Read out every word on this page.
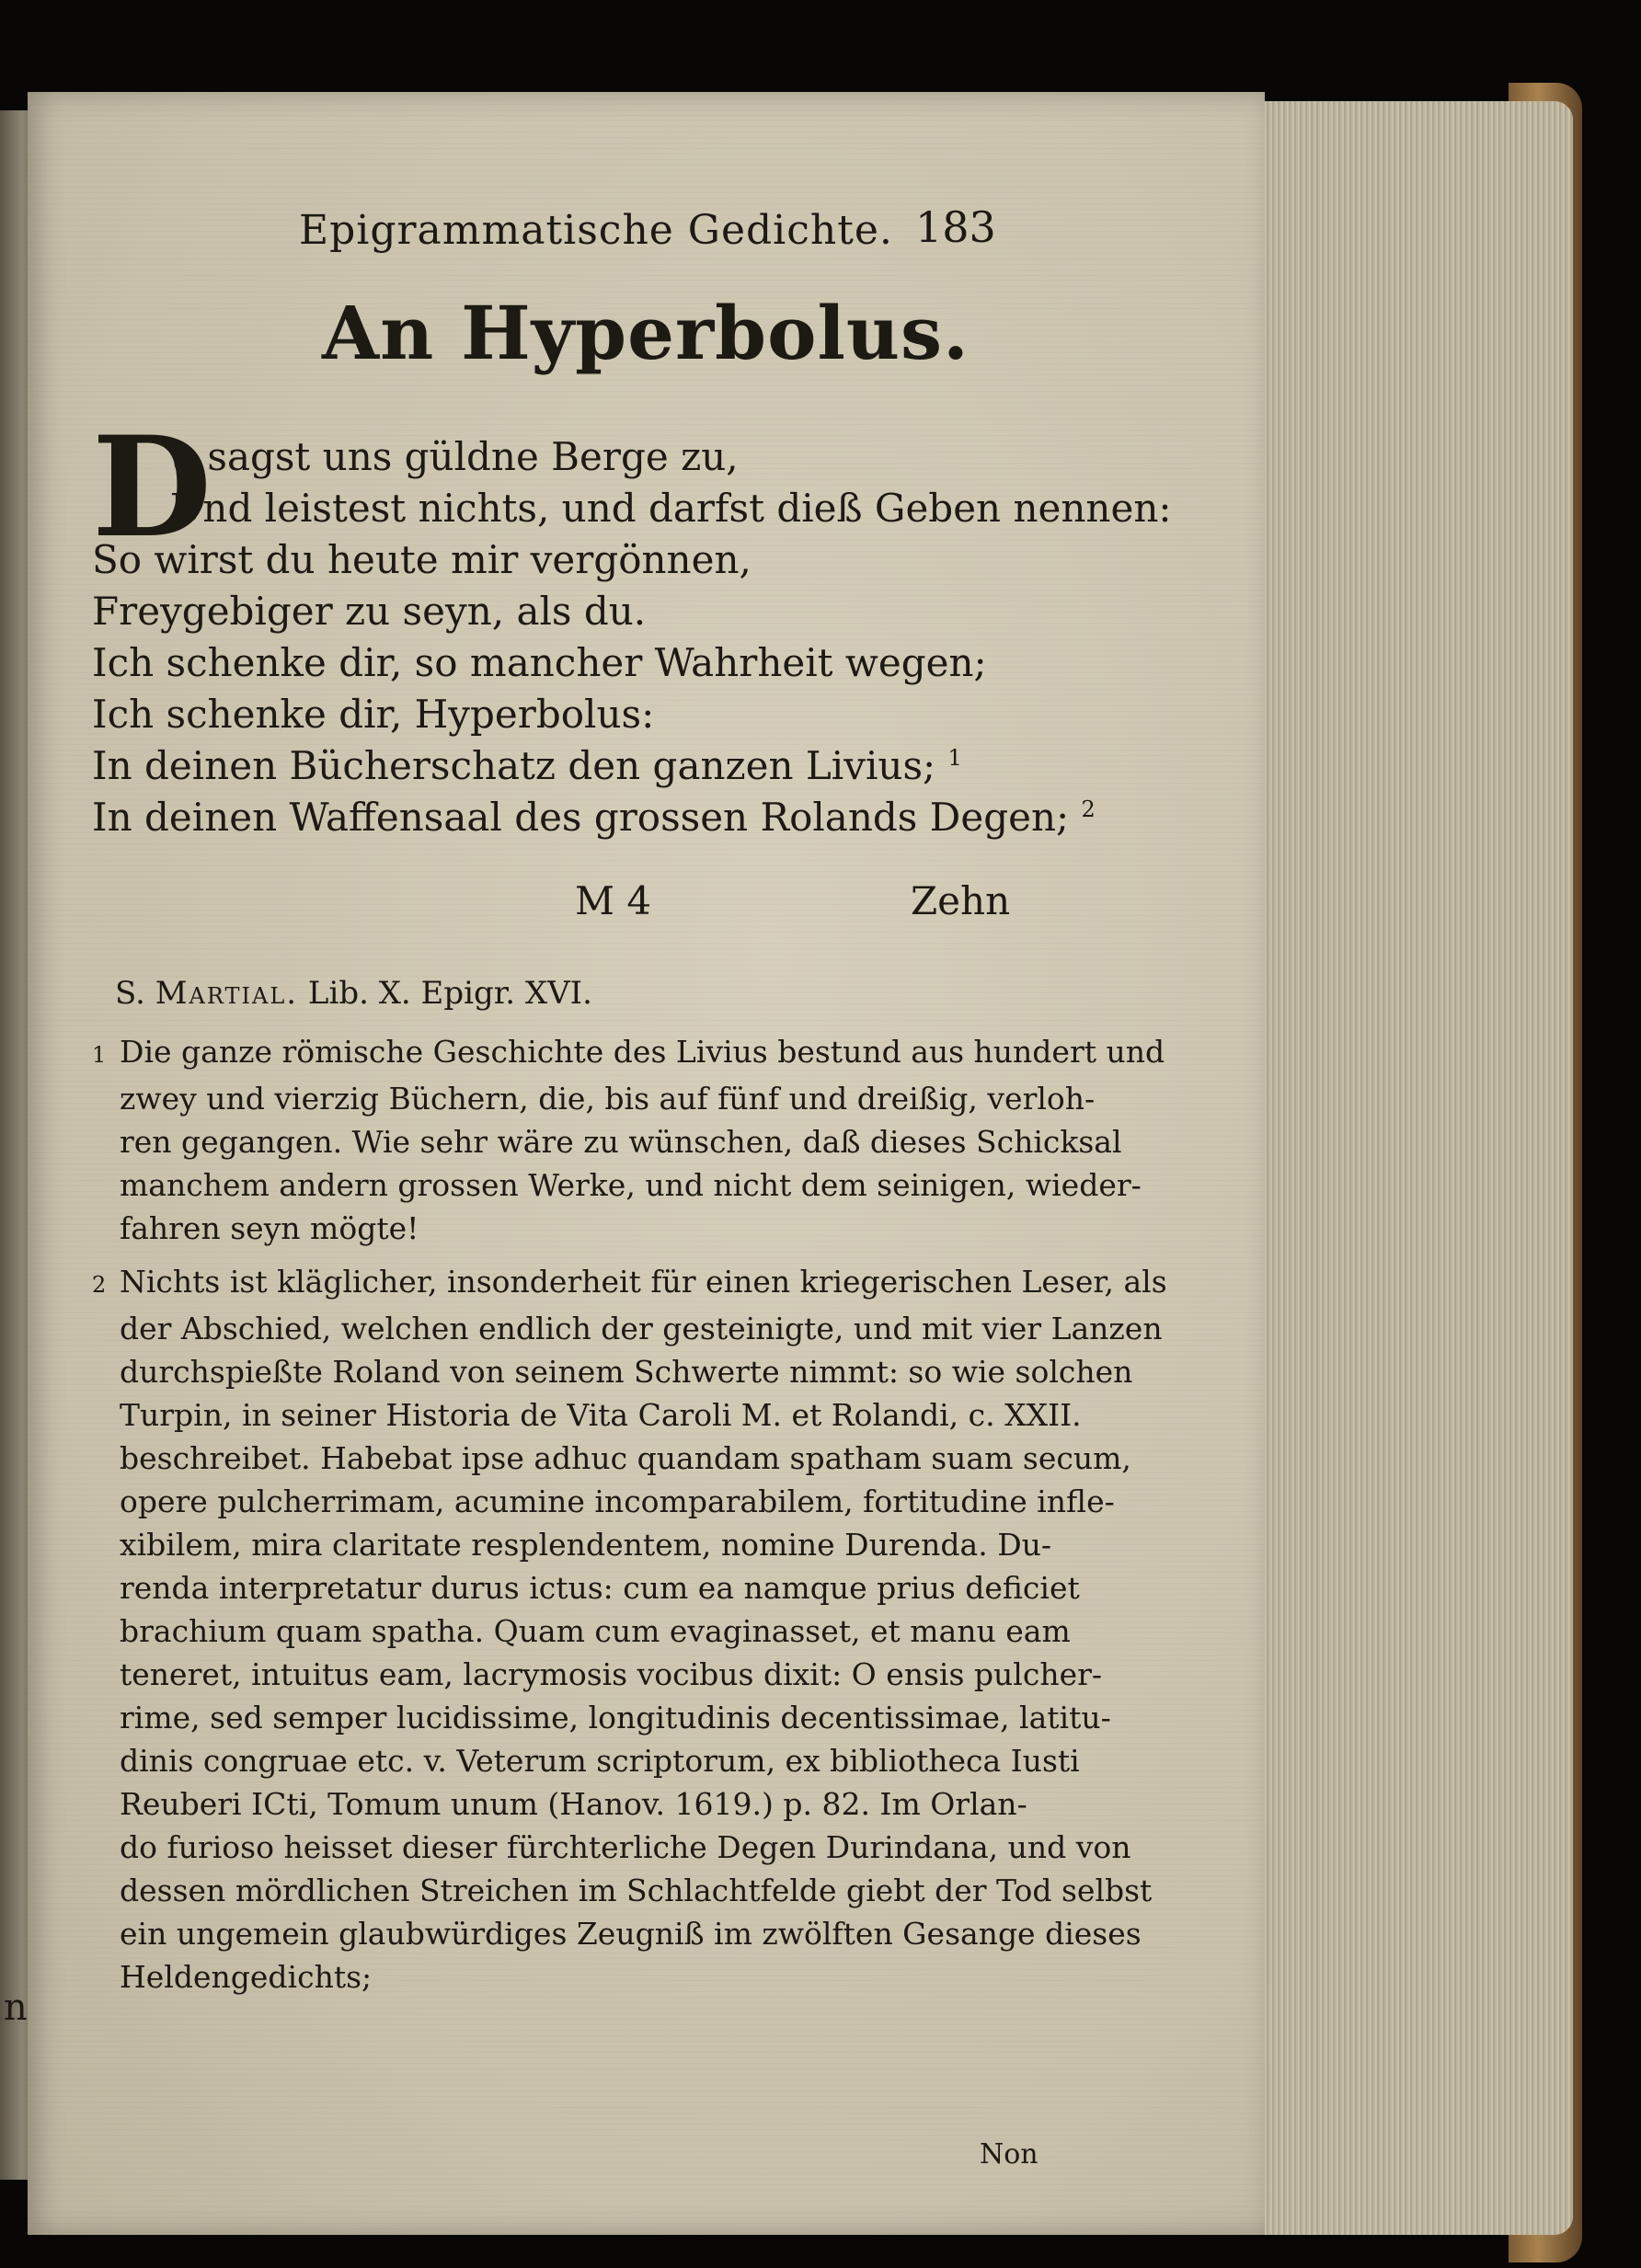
n
Epigrammatische Gedichte. 183
An Hyperbolus.
D
u sagst uns güldne Berge zu,
Und leistest nichts, und darfst dieß Geben nennen:
So wirst du heute mir vergönnen,
Freygebiger zu seyn, als du.
Ich schenke dir, so mancher Wahrheit wegen;
Ich schenke dir, Hyperbolus:
In deinen Bücherschatz den ganzen Livius; $^1$
In deinen Waffensaal des grossen Rolands Degen; $^2$
M 4	Zehn
S. Martial. Lib. X. Epigr. XVI.
1 Die ganze römische Geschichte des Livius bestund aus hundert und
zwey und vierzig Büchern, die, bis auf fünf und dreißig, verloh-
ren gegangen. Wie sehr wäre zu wünschen, daß dieses Schicksal
manchem andern grossen Werke, und nicht dem seinigen, wieder-
fahren seyn mögte!
2 Nichts ist kläglicher, insonderheit für einen kriegerischen Leser, als
der Abschied, welchen endlich der gesteinigte, und mit vier Lanzen
durchspießte Roland von seinem Schwerte nimmt: so wie solchen
Turpin, in seiner Historia de Vita Caroli M. et Rolandi, c. XXII.
beschreibet. Habebat ipse adhuc quandam spatham suam secum,
opere pulcherrimam, acumine incomparabilem, fortitudine infle-
xibilem, mira claritate resplendentem, nomine Durenda. Du-
renda interpretatur durus ictus: cum ea namque prius deficiet
brachium quam spatha. Quam cum evaginasset, et manu eam
teneret, intuitus eam, lacrymosis vocibus dixit: O ensis pulcher-
rime, sed semper lucidissime, longitudinis decentissimae, latitu-
dinis congruae etc. v. Veterum scriptorum, ex bibliotheca Iusti
Reuberi ICti, Tomum unum (Hanov. 1619.) p. 82. Im Orlan-
do furioso heisset dieser fürchterliche Degen Durindana, und von
dessen mördlichen Streichen im Schlachtfelde giebt der Tod selbst
ein ungemein glaubwürdiges Zeugniß im zwölften Gesange dieses
Heldengedichts;
Non
